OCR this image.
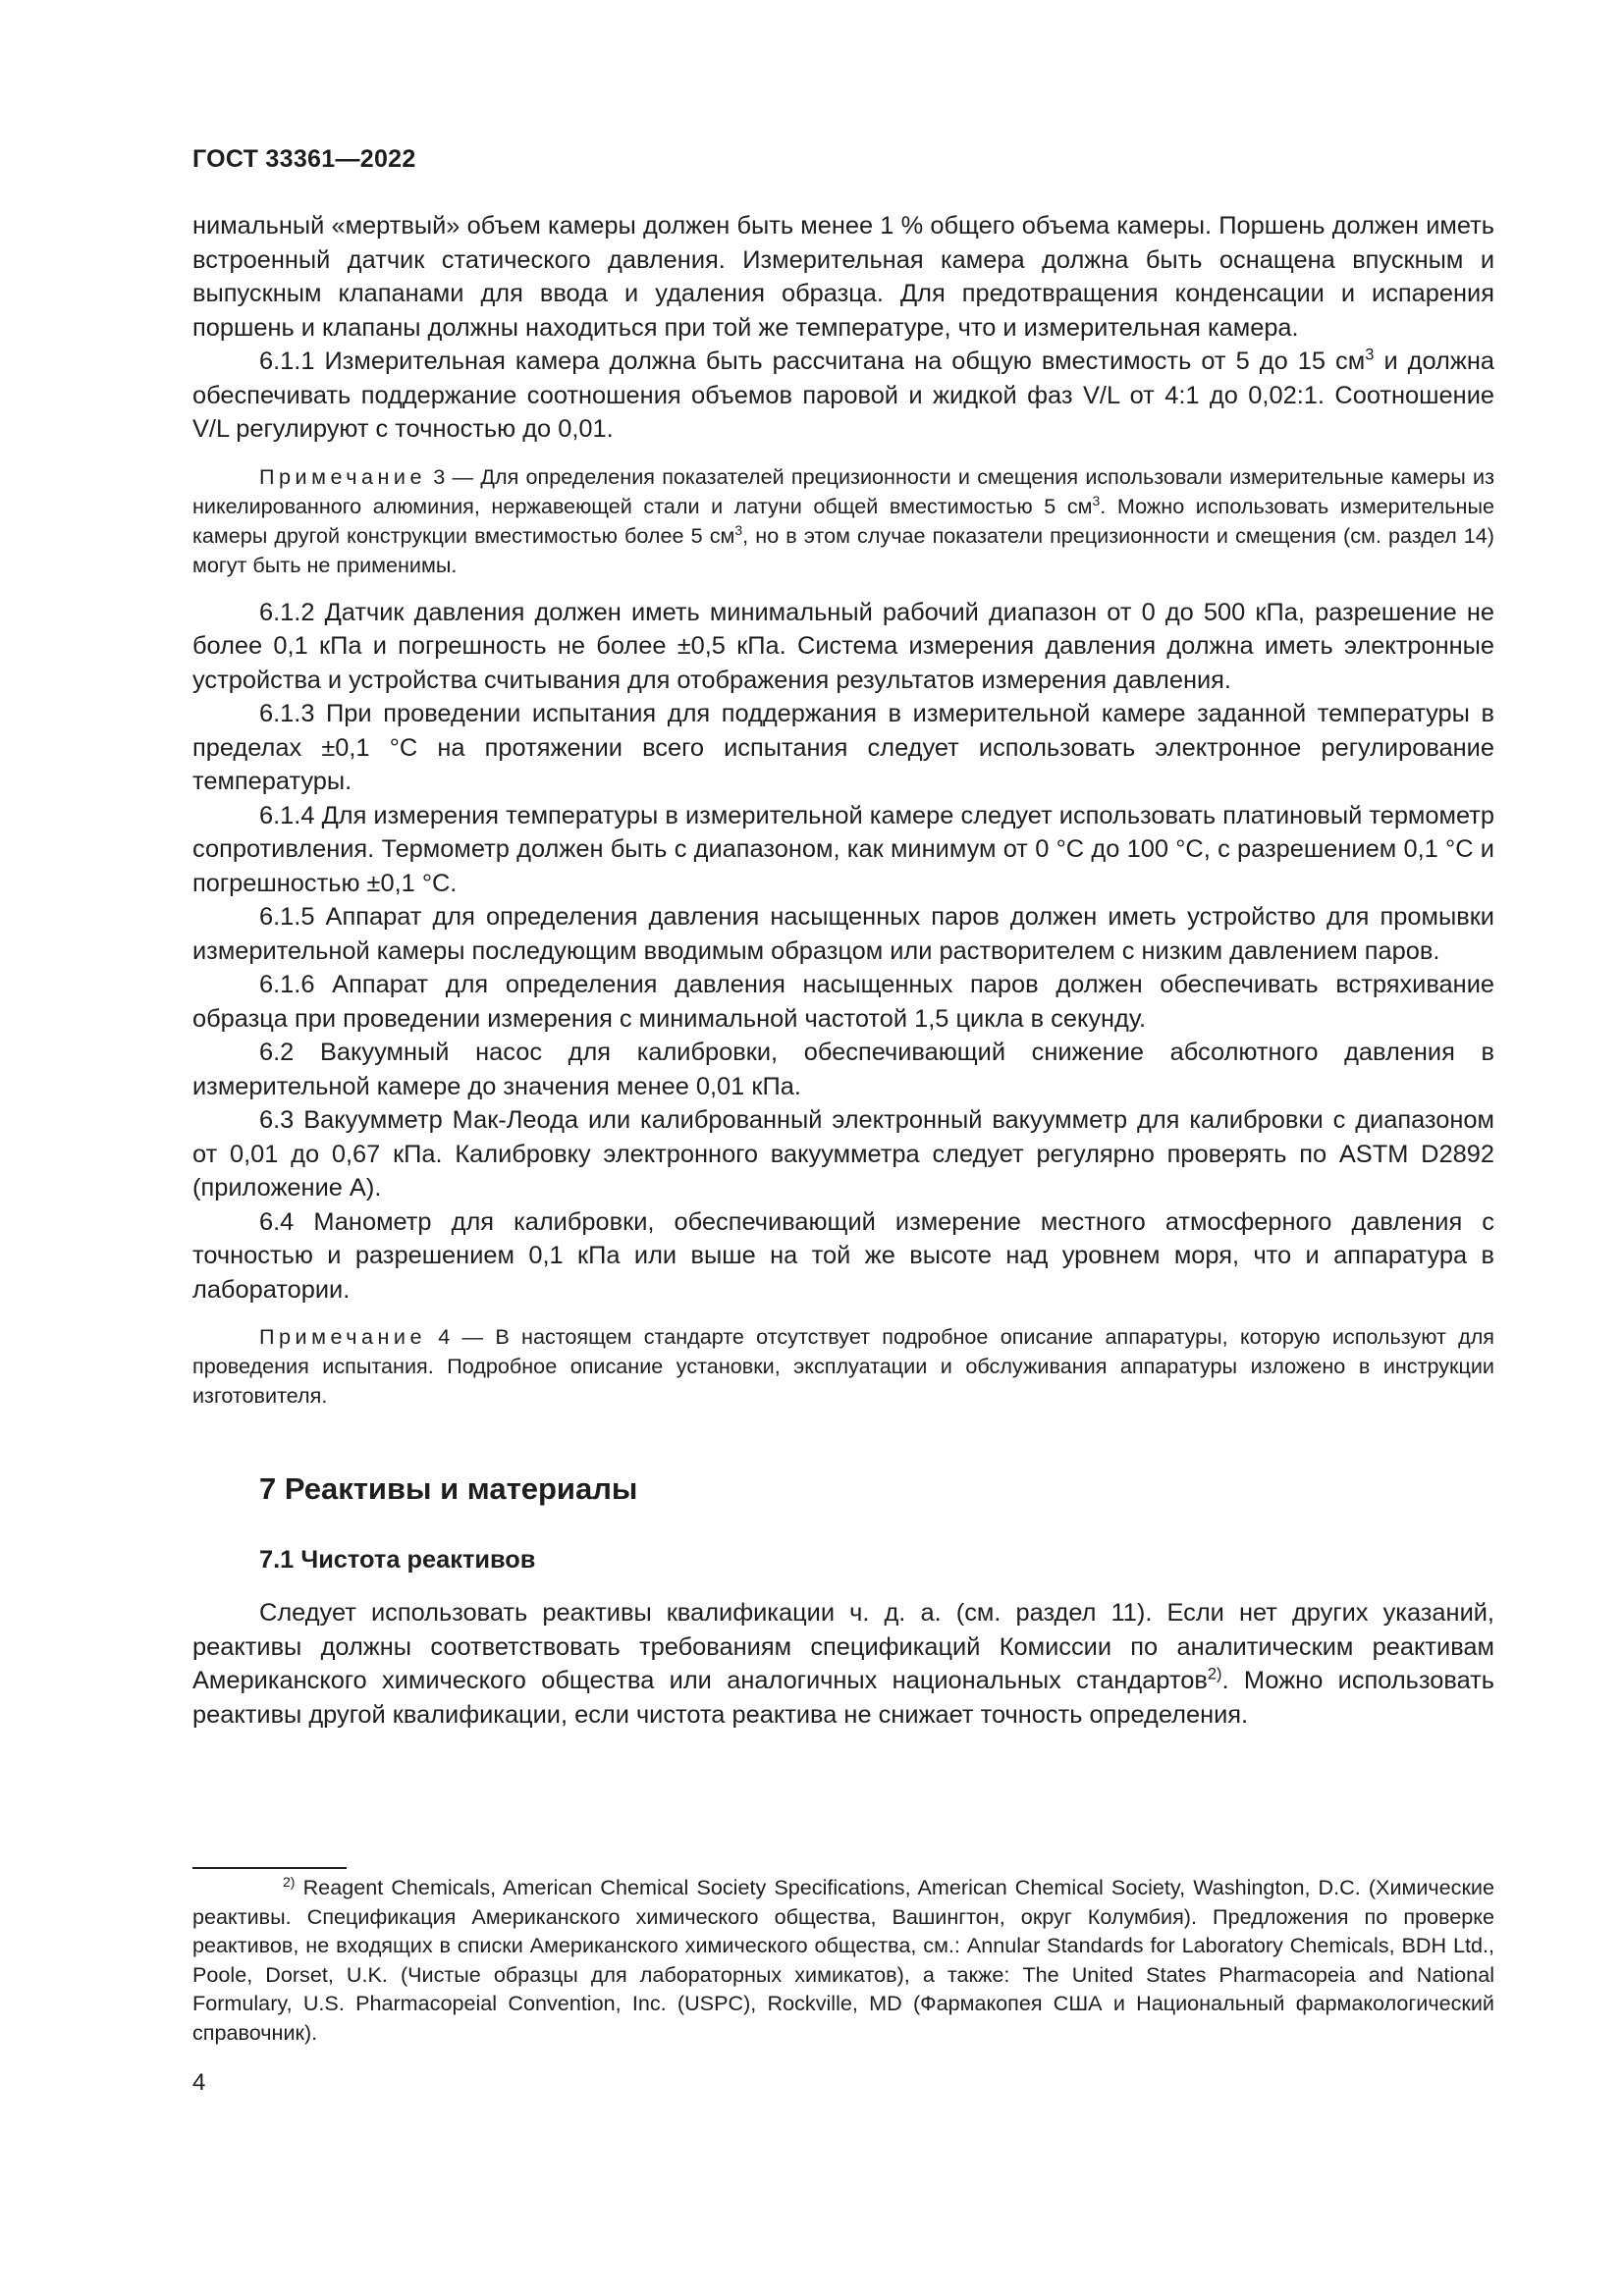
ГОСТ 33361—2022

нимальный «мертвый» объем камеры должен быть менее 1 % общего объема камеры. Поршень должен иметь встроенный датчик статического давления. Измерительная камера должна быть оснащена впускным и выпускным клапанами для ввода и удаления образца. Для предотвращения конденсации и испарения поршень и клапаны должны находиться при той же температуре, что и измерительная камера.

6.1.1 Измерительная камера должна быть рассчитана на общую вместимость от 5 до 15 $см^3$ и должна обеспечивать поддержание соотношения объемов паровой и жидкой фаз V/L от 4:1 до 0,02:1. Соотношение V/L регулируют с точностью до 0,01.

Примечание 3 — Для определения показателей прецизионности и смещения использовали измерительные камеры из никелированного алюминия, нержавеющей стали и латуни общей вместимостью 5 $см^3$. Можно использовать измерительные камеры другой конструкции вместимостью более 5 $см^3$, но в этом случае показатели прецизионности и смещения (см. раздел 14) могут быть не применимы.

6.1.2 Датчик давления должен иметь минимальный рабочий диапазон от 0 до 500 кПа, разрешение не более 0,1 кПа и погрешность не более ±0,5 кПа. Система измерения давления должна иметь электронные устройства и устройства считывания для отображения результатов измерения давления.

6.1.3 При проведении испытания для поддержания в измерительной камере заданной температуры в пределах ±0,1 °С на протяжении всего испытания следует использовать электронное регулирование температуры.

6.1.4 Для измерения температуры в измерительной камере следует использовать платиновый термометр сопротивления. Термометр должен быть с диапазоном, как минимум от 0 °С до 100 °С, с разрешением 0,1 °С и погрешностью ±0,1 °С.

6.1.5 Аппарат для определения давления насыщенных паров должен иметь устройство для промывки измерительной камеры последующим вводимым образцом или растворителем с низким давлением паров.

6.1.6 Аппарат для определения давления насыщенных паров должен обеспечивать встряхивание образца при проведении измерения с минимальной частотой 1,5 цикла в секунду.

6.2 Вакуумный насос для калибровки, обеспечивающий снижение абсолютного давления в измерительной камере до значения менее 0,01 кПа.

6.3 Вакуумметр Мак-Леода или калиброванный электронный вакуумметр для калибровки с диапазоном от 0,01 до 0,67 кПа. Калибровку электронного вакуумметра следует регулярно проверять по ASTM D2892 (приложение А).

6.4 Манометр для калибровки, обеспечивающий измерение местного атмосферного давления с точностью и разрешением 0,1 кПа или выше на той же высоте над уровнем моря, что и аппаратура в лаборатории.

Примечание 4 — В настоящем стандарте отсутствует подробное описание аппаратуры, которую используют для проведения испытания. Подробное описание установки, эксплуатации и обслуживания аппаратуры изложено в инструкции изготовителя.

7 Реактивы и материалы
7.1 Чистота реактивов

Следует использовать реактивы квалификации ч. д. а. (см. раздел 11). Если нет других указаний, реактивы должны соответствовать требованиям спецификаций Комиссии по аналитическим реактивам Американского химического общества или аналогичных национальных стандартов$^{2)}$. Можно использовать реактивы другой квалификации, если чистота реактива не снижает точность определения.

$^{2)}$ Reagent Chemicals, American Chemical Society Specifications, American Chemical Society, Washington, D.C. (Химические реактивы. Спецификация Американского химического общества, Вашингтон, округ Колумбия). Предложения по проверке реактивов, не входящих в списки Американского химического общества, см.: Annular Standards for Laboratory Chemicals, BDH Ltd., Poole, Dorset, U.K. (Чистые образцы для лабораторных химикатов), а также: The United States Pharmacopeia and National Formulary, U.S. Pharmacopeial Convention, Inc. (USPC), Rockville, MD (Фармакопея США и Национальный фармакологический справочник).

4
